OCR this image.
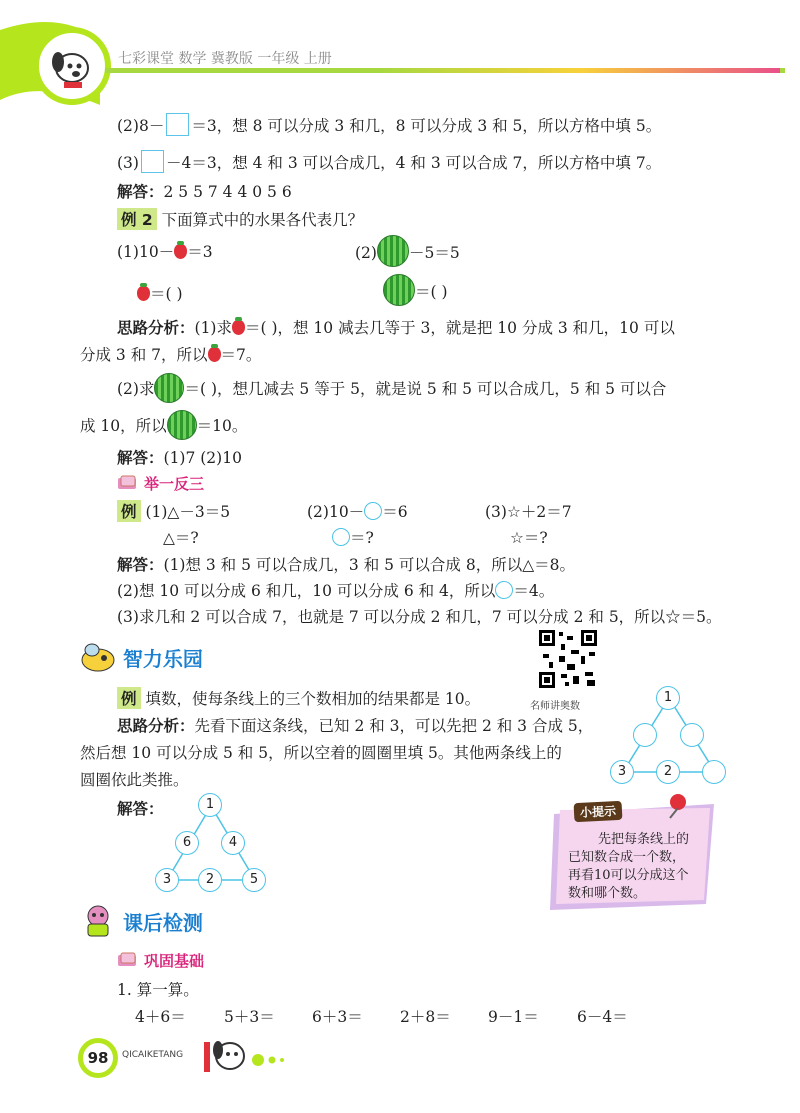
七彩课堂 数学 冀教版 一年级 上册
(2)8－ ＝3，想 8 可以分成 3 和几，8 可以分成 3 和 5，所以方格中填 5。
(3) －4＝3，想 4 和 3 可以合成几，4 和 3 可以合成 7，所以方格中填 7。
解答：2 5 5 7 4 4 0 5 6
例 2 下面算式中的水果各代表几？
(1)10－ ＝3	(2) －5＝5
＝( )	＝( )
思路分析：(1)求 ＝( )，想 10 减去几等于 3，就是把 10 分成 3 和几，10 可以
分成 3 和 7，所以 ＝7。
(2)求 ＝( )，想几减去 5 等于 5，就是说 5 和 5 可以合成几，5 和 5 可以合
成 10，所以 ＝10。
解答：(1)7 (2)10
举一反三
例 (1)△－3＝5	(2)10－ ＝6	(3)☆＋2＝7
△＝?	＝?	☆＝?
解答：(1)想 3 和 5 可以合成几，3 和 5 可以合成 8，所以△＝8。
(2)想 10 可以分成 6 和几，10 可以分成 6 和 4，所以 ＝4。
(3)求几和 2 可以合成 7，也就是 7 可以分成 2 和几，7 可以分成 2 和 5，所以☆＝5。
智力乐园
名师讲奥数
例 填数，使每条线上的三个数相加的结果都是 10。
思路分析：先看下面这条线，已知 2 和 3，可以先把 2 和 3 合成 5，
然后想 10 可以分成 5 和 5，所以空着的圆圈里填 5。其他两条线上的
圆圈依此类推。
解答：
1
3	2
1
6	4
3	2	5
小提示
先把每条线上的
已知数合成一个数，
再看10可以分成这个
数和哪个数。
课后检测
巩固基础
1. 算一算。
4＋6＝ 5＋3＝ 6＋3＝ 2＋8＝ 9－1＝ 6－4＝
98	QICAIKETANG
